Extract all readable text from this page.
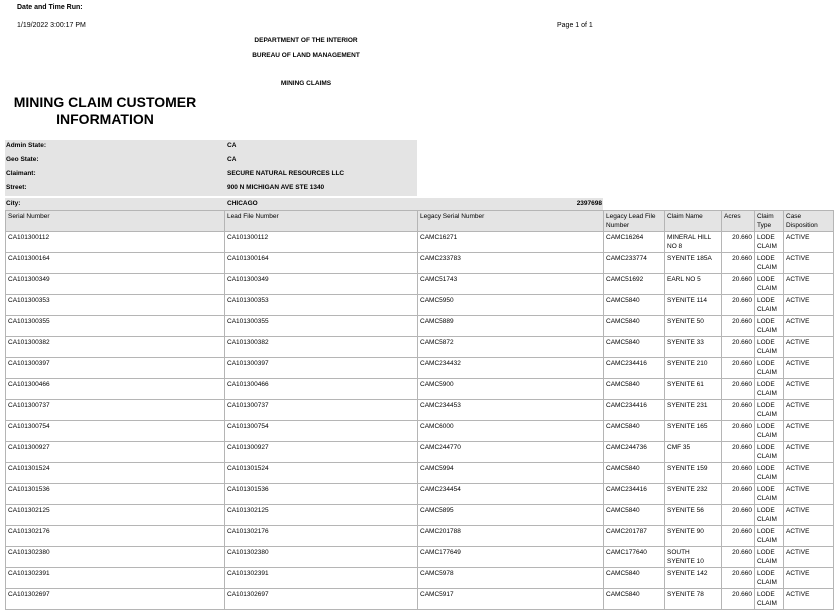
Date and Time Run:
1/19/2022 3:00:17 PM	Page 1 of 1
DEPARTMENT OF THE INTERIOR
BUREAU OF LAND MANAGEMENT
MINING CLAIMS
MINING CLAIM CUSTOMER INFORMATION
Admin State:	CA
Geo State:	CA
Claimant:	SECURE NATURAL RESOURCES LLC
Street:	900 N MICHIGAN AVE STE 1340
City:	CHICAGO	2397698
Serial Number	Lead File Number	Legacy Serial Number	Legacy Lead File Number	Claim Name	Acres	Claim Type	Case Disposition
CA101300112	CA101300112	CAMC16271	CAMC16264	MINERAL HILL NO 8	20.660	LODE CLAIM	ACTIVE
CA101300164	CA101300164	CAMC233783	CAMC233774	SYENITE 185A	20.660	LODE CLAIM	ACTIVE
CA101300349	CA101300349	CAMC51743	CAMC51692	EARL NO 5	20.660	LODE CLAIM	ACTIVE
CA101300353	CA101300353	CAMC5950	CAMC5840	SYENITE 114	20.660	LODE CLAIM	ACTIVE
CA101300355	CA101300355	CAMC5889	CAMC5840	SYENITE 50	20.660	LODE CLAIM	ACTIVE
CA101300382	CA101300382	CAMC5872	CAMC5840	SYENITE 33	20.660	LODE CLAIM	ACTIVE
CA101300397	CA101300397	CAMC234432	CAMC234416	SYENITE 210	20.660	LODE CLAIM	ACTIVE
CA101300466	CA101300466	CAMC5900	CAMC5840	SYENITE 61	20.660	LODE CLAIM	ACTIVE
CA101300737	CA101300737	CAMC234453	CAMC234416	SYENITE 231	20.660	LODE CLAIM	ACTIVE
CA101300754	CA101300754	CAMC6000	CAMC5840	SYENITE 165	20.660	LODE CLAIM	ACTIVE
CA101300927	CA101300927	CAMC244770	CAMC244736	CMF 35	20.660	LODE CLAIM	ACTIVE
CA101301524	CA101301524	CAMC5994	CAMC5840	SYENITE 159	20.660	LODE CLAIM	ACTIVE
CA101301536	CA101301536	CAMC234454	CAMC234416	SYENITE 232	20.660	LODE CLAIM	ACTIVE
CA101302125	CA101302125	CAMC5895	CAMC5840	SYENITE 56	20.660	LODE CLAIM	ACTIVE
CA101302176	CA101302176	CAMC201788	CAMC201787	SYENITE 90	20.660	LODE CLAIM	ACTIVE
CA101302380	CA101302380	CAMC177649	CAMC177640	SOUTH SYENITE 10	20.660	LODE CLAIM	ACTIVE
CA101302391	CA101302391	CAMC5978	CAMC5840	SYENITE 142	20.660	LODE CLAIM	ACTIVE
CA101302697	CA101302697	CAMC5917	CAMC5840	SYENITE 78	20.660	LODE CLAIM	ACTIVE
